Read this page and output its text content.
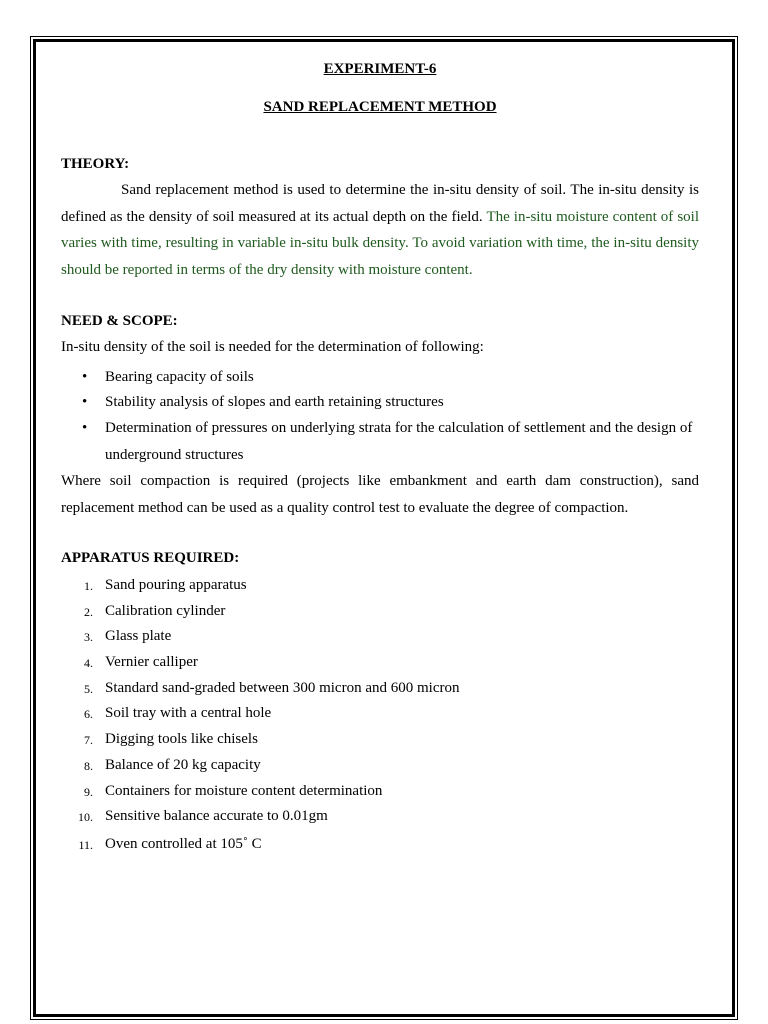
EXPERIMENT-6
SAND REPLACEMENT METHOD
THEORY:

Sand replacement method is used to determine the in-situ density of soil. The in-situ density is defined as the density of soil measured at its actual depth on the field. The in-situ moisture content of soil varies with time, resulting in variable in-situ bulk density. To avoid variation with time, the in-situ density should be reported in terms of the dry density with moisture content.

NEED & SCOPE:
In-situ density of the soil is needed for the determination of following:
• Bearing capacity of soils
• Stability analysis of slopes and earth retaining structures
• Determination of pressures on underlying strata for the calculation of settlement and the design of underground structures

Where soil compaction is required (projects like embankment and earth dam construction), sand replacement method can be used as a quality control test to evaluate the degree of compaction.

APPARATUS REQUIRED:
1. Sand pouring apparatus
2. Calibration cylinder
3. Glass plate
4. Vernier calliper
5. Standard sand-graded between 300 micron and 600 micron
6. Soil tray with a central hole
7. Digging tools like chisels
8. Balance of 20 kg capacity
9. Containers for moisture content determination
10. Sensitive balance accurate to 0.01gm
11. Oven controlled at 105˚ C
